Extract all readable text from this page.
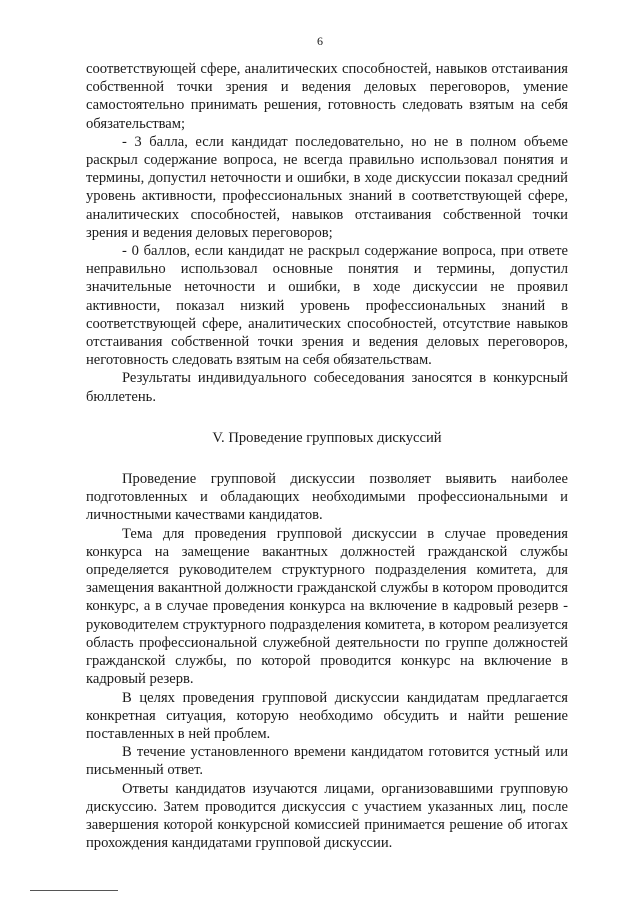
6

соответствующей сфере, аналитических способностей, навыков отстаивания собственной точки зрения и ведения деловых переговоров, умение самостоятельно принимать решения, готовность следовать взятым на себя обязательствам;

- 3 балла, если кандидат последовательно, но не в полном объеме раскрыл содержание вопроса, не всегда правильно использовал понятия и термины, допустил неточности и ошибки, в ходе дискуссии показал средний уровень активности, профессиональных знаний в соответствующей сфере, аналитических способностей, навыков отстаивания собственной точки зрения и ведения деловых переговоров;

- 0 баллов, если кандидат не раскрыл содержание вопроса, при ответе неправильно использовал основные понятия и термины, допустил значительные неточности и ошибки, в ходе дискуссии не проявил активности, показал низкий уровень профессиональных знаний в соответствующей сфере, аналитических способностей, отсутствие навыков отстаивания собственной точки зрения и ведения деловых переговоров, неготовность следовать взятым на себя обязательствам.

Результаты индивидуального собеседования заносятся в конкурсный бюллетень.

V. Проведение групповых дискуссий

Проведение групповой дискуссии позволяет выявить наиболее подготовленных и обладающих необходимыми профессиональными и личностными качествами кандидатов.

Тема для проведения групповой дискуссии в случае проведения конкурса на замещение вакантных должностей гражданской службы определяется руководителем структурного подразделения комитета, для замещения вакантной должности гражданской службы в котором проводится конкурс, а в случае проведения конкурса на включение в кадровый резерв - руководителем структурного подразделения комитета, в котором реализуется область профессиональной служебной деятельности по группе должностей гражданской службы, по которой проводится конкурс на включение в кадровый резерв.

В целях проведения групповой дискуссии кандидатам предлагается конкретная ситуация, которую необходимо обсудить и найти решение поставленных в ней проблем.

В течение установленного времени кандидатом готовится устный или письменный ответ.

Ответы кандидатов изучаются лицами, организовавшими групповую дискуссию. Затем проводится дискуссия с участием указанных лиц, после завершения которой конкурсной комиссией принимается решение об итогах прохождения кандидатами групповой дискуссии.
